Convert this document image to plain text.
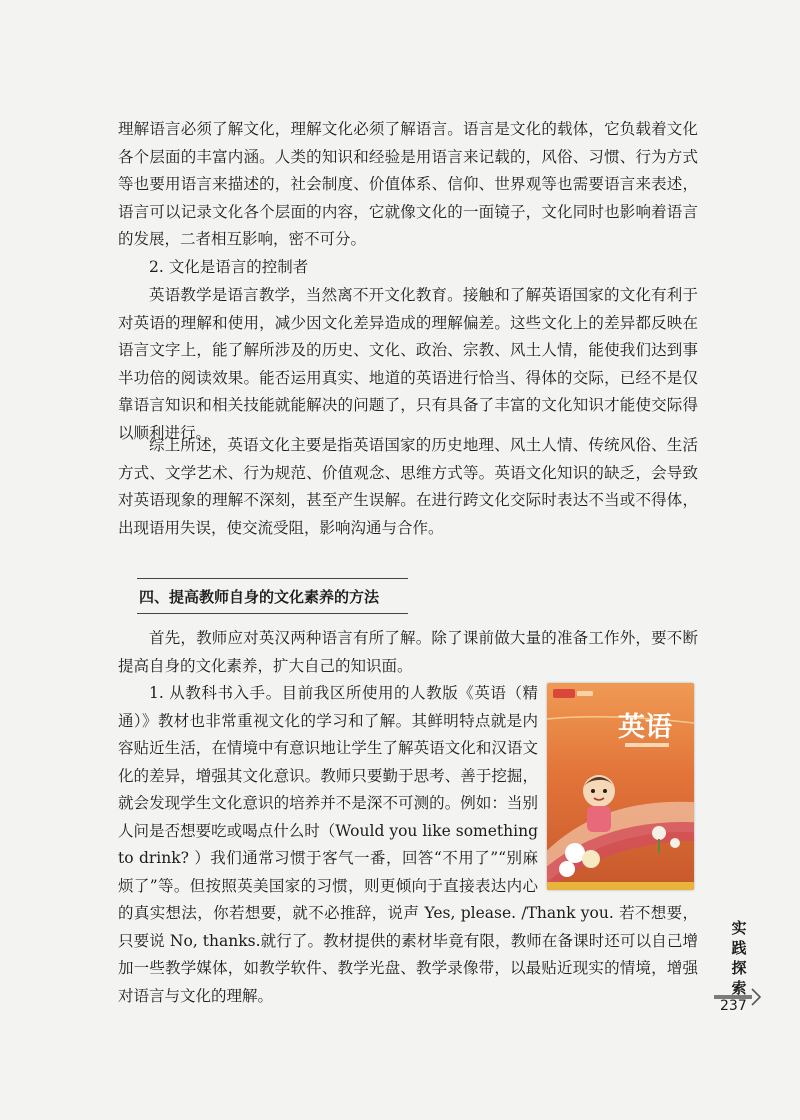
理解语言必须了解文化，理解文化必须了解语言。语言是文化的载体，它负载着文化各个层面的丰富内涵。人类的知识和经验是用语言来记载的，风俗、习惯、行为方式等也要用语言来描述的，社会制度、价值体系、信仰、世界观等也需要语言来表述，语言可以记录文化各个层面的内容，它就像文化的一面镜子，文化同时也影响着语言的发展，二者相互影响，密不可分。

2. 文化是语言的控制者

英语教学是语言教学，当然离不开文化教育。接触和了解英语国家的文化有利于对英语的理解和使用，减少因文化差异造成的理解偏差。这些文化上的差异都反映在语言文字上，能了解所涉及的历史、文化、政治、宗教、风土人情，能使我们达到事半功倍的阅读效果。能否运用真实、地道的英语进行恰当、得体的交际，已经不是仅靠语言知识和相关技能就能解决的问题了，只有具备了丰富的文化知识才能使交际得以顺利进行。

综上所述，英语文化主要是指英语国家的历史地理、风土人情、传统风俗、生活方式、文学艺术、行为规范、价值观念、思维方式等。英语文化知识的缺乏，会导致对英语现象的理解不深刻，甚至产生误解。在进行跨文化交际时表达不当或不得体，出现语用失误，使交流受阻，影响沟通与合作。

四、提高教师自身的文化素养的方法

首先，教师应对英汉两种语言有所了解。除了课前做大量的准备工作外，要不断提高自身的文化素养，扩大自己的知识面。

1. 从教科书入手。目前我区所使用的人教版《英语（精通）》教材也非常重视文化的学习和了解。其鲜明特点就是内容贴近生活，在情境中有意识地让学生了解英语文化和汉语文化的差异，增强其文化意识。教师只要勤于思考、善于挖掘，就会发现学生文化意识的培养并不是深不可测的。例如：当别人问是否想要吃或喝点什么时（Would you like something to drink? ）我们通常习惯于客气一番，回答“不用了”“别麻烦了”等。但按照英美国家的习惯，则更倾向于直接表达内心的真实想法，你若想要，就不必推辞，说声 Yes, please. /Thank you. 若不想要，只要说 No, thanks.就行了。教材提供的素材毕竟有限，教师在备课时还可以自己增加一些教学媒体，如教学软件、教学光盘、教学录像带，以最贴近现实的情境，增强对语言与文化的理解。
英语
实
践
探
索
237
